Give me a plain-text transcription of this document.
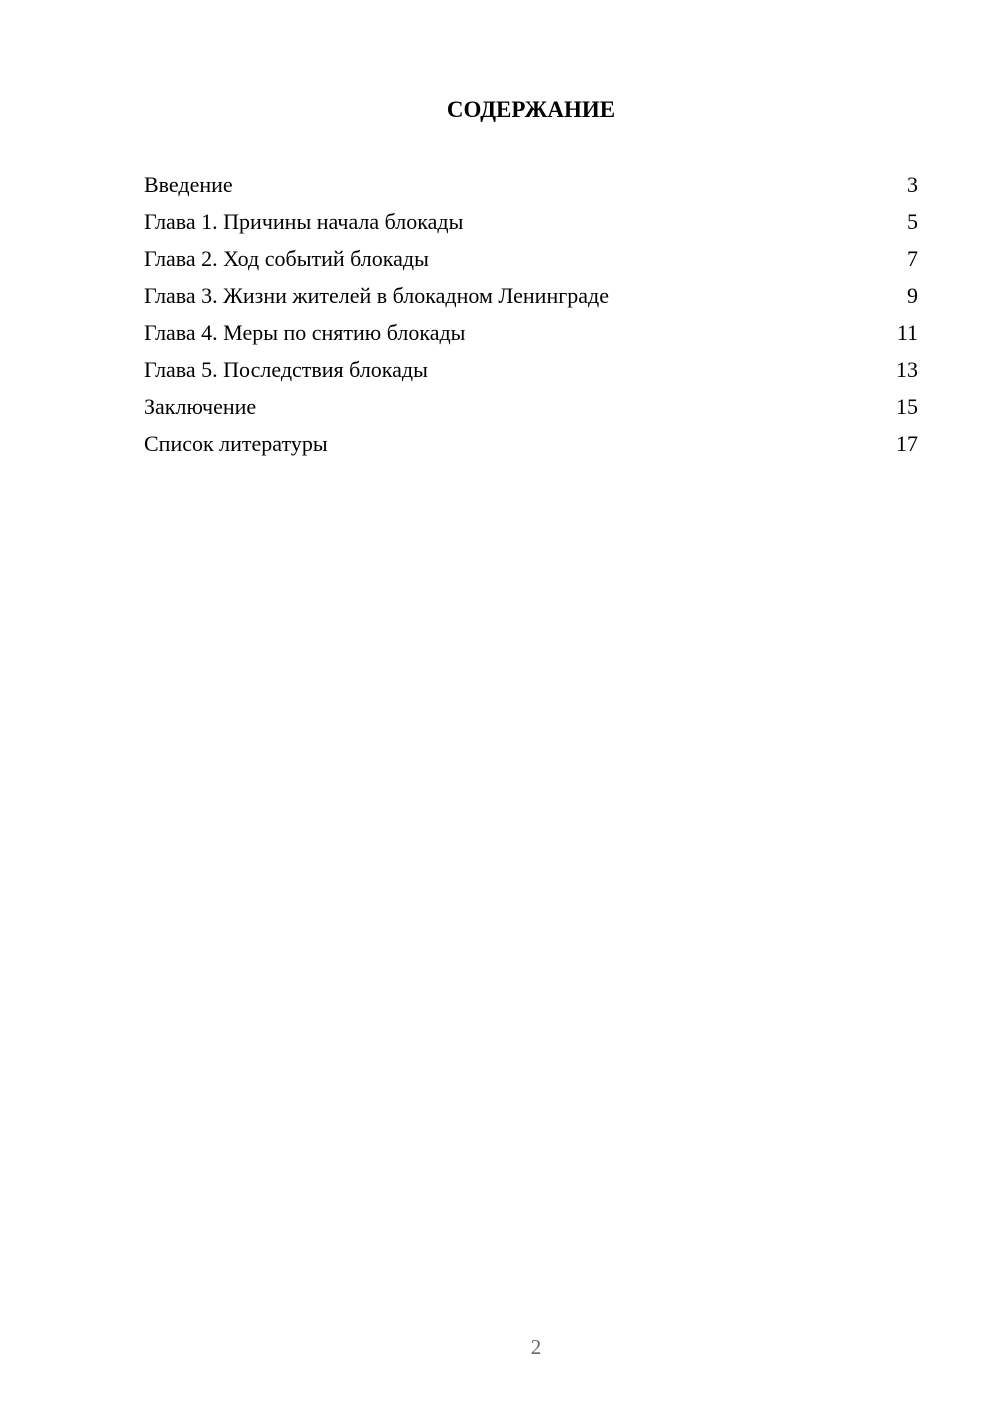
СОДЕРЖАНИЕ
Введение	3
Глава 1. Причины начала блокады	5
Глава 2. Ход событий блокады	7
Глава 3. Жизни жителей в блокадном Ленинграде	9
Глава 4. Меры по снятию блокады	11
Глава 5. Последствия блокады	13
Заключение	15
Список литературы	17
2
